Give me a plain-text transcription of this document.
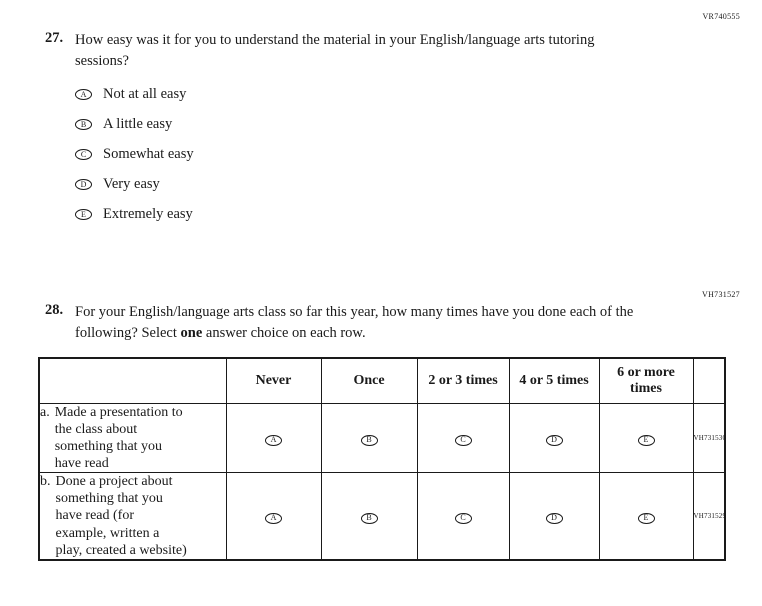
VR740555
27. How easy was it for you to understand the material in your English/language arts tutoring sessions?
A	Not at all easy
B	A little easy
C	Somewhat easy
D	Very easy
E	Extremely easy
VH731527
28. For your English/language arts class so far this year, how many times have you done each of the following? Select one answer choice on each row.
	Never	Once	2 or 3 times	4 or 5 times	6 or more times	

a. Made a presentation to the class about something that you have read	A	B	C	D	E	VH731530

b. Done a project about something that you have read (for example, written a play, created a website)	A	B	C	D	E	VH731529
